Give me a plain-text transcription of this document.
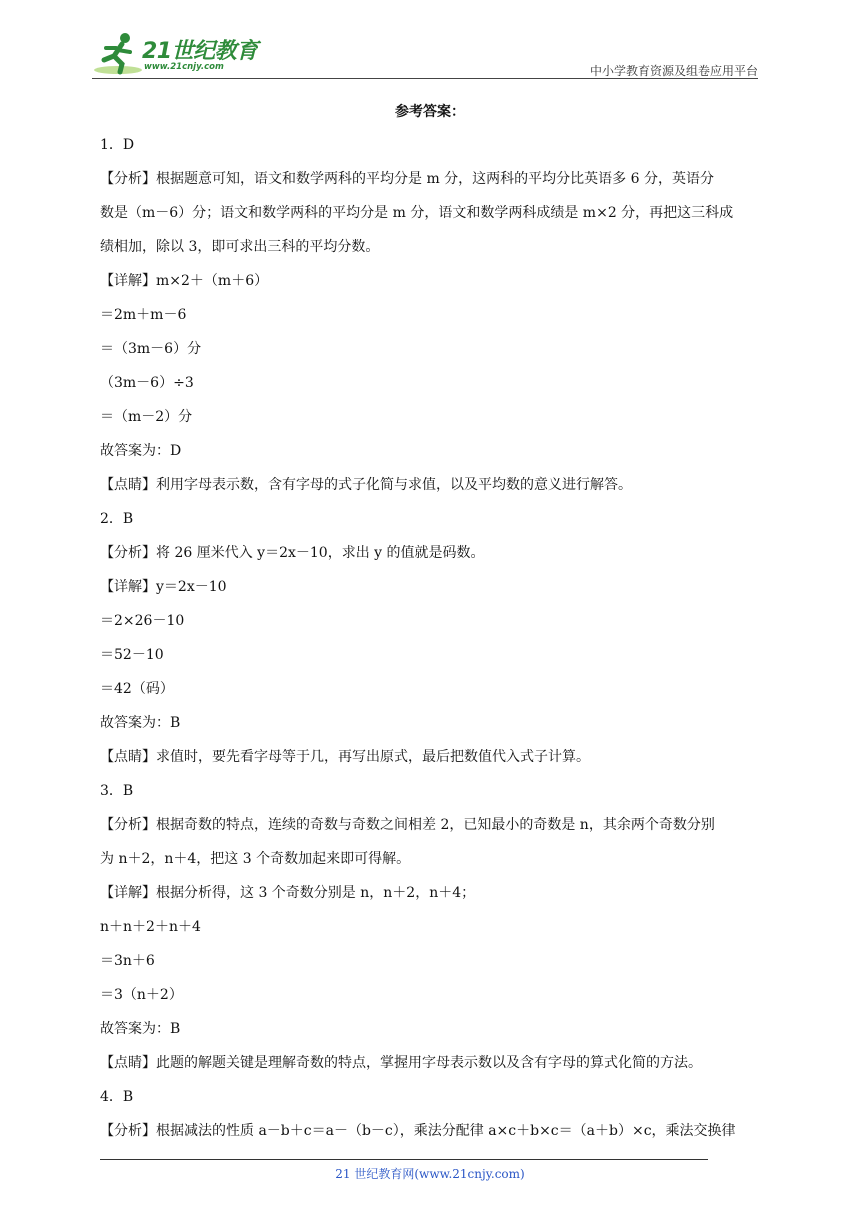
21世纪教育
www.21cnjy.com	中小学教育资源及组卷应用平台
参考答案：
1．D
【分析】根据题意可知，语文和数学两科的平均分是 m 分，这两科的平均分比英语多 6 分，英语分
数是（m－6）分；语文和数学两科的平均分是 m 分，语文和数学两科成绩是 m×2 分，再把这三科成
绩相加，除以 3，即可求出三科的平均分数。
【详解】m×2＋（m＋6）
＝2m＋m－6
＝（3m－6）分
（3m－6）÷3
＝（m－2）分
故答案为：D
【点睛】利用字母表示数，含有字母的式子化简与求值，以及平均数的意义进行解答。
2．B
【分析】将 26 厘米代入 y＝2x－10，求出 y 的值就是码数。
【详解】y＝2x－10
＝2×26－10
＝52－10
＝42（码）
故答案为：B
【点睛】求值时，要先看字母等于几，再写出原式，最后把数值代入式子计算。
3．B
【分析】根据奇数的特点，连续的奇数与奇数之间相差 2，已知最小的奇数是 n，其余两个奇数分别
为 n＋2，n＋4，把这 3 个奇数加起来即可得解。
【详解】根据分析得，这 3 个奇数分别是 n，n＋2，n＋4；
n＋n＋2＋n＋4
＝3n＋6
＝3（n＋2）
故答案为：B
【点睛】此题的解题关键是理解奇数的特点，掌握用字母表示数以及含有字母的算式化简的方法。
4．B
【分析】根据减法的性质 a－b＋c＝a－（b－c），乘法分配律 a×c＋b×c＝（a＋b）×c，乘法交换律
21 世纪教育网(www.21cnjy.com)
